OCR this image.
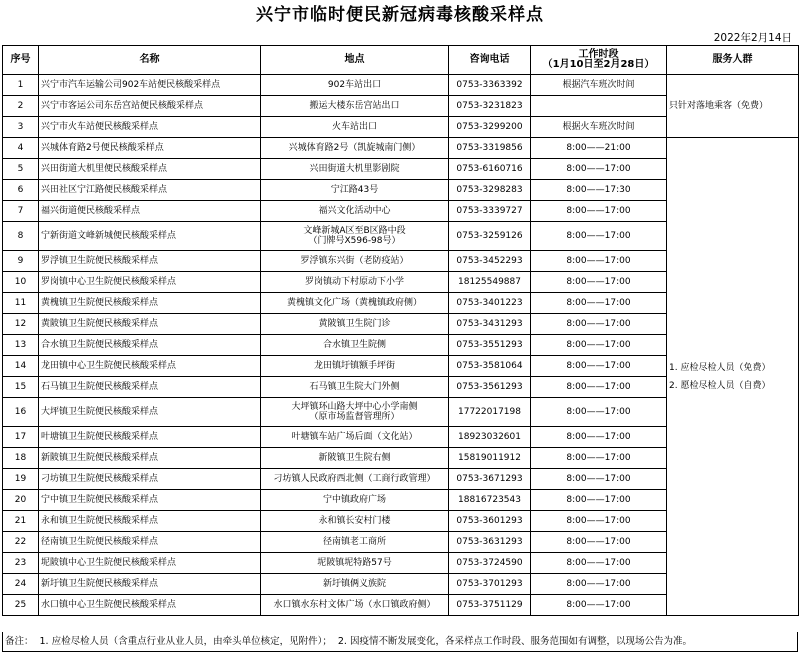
兴宁市临时便民新冠病毒核酸采样点
2022年2月14日
序号	名称	地点	咨询电话	工作时段
（1月10日至2月28日）	服务人群
1	兴宁市汽车运输公司902车站便民核酸采样点	902车站出口	0753-3363392	根据汽车班次时间	只针对落地乘客（免费）
2	兴宁市客运公司东岳宫站便民核酸采样点	搬运大楼东岳宫站出口	0753-3231823		
3	兴宁市火车站便民核酸采样点	火车站出口	0753-3299200	根据火车班次时间	
4	兴城体育路2号便民核酸采样点	兴城体育路2号（凯旋城南门侧）	0753-3319856	8:00——21:00	1. 应检尽检人员（免费）
2. 愿检尽检人员（自费）

5	兴田街道大机里便民核酸采样点	兴田街道大机里影剧院	0753-6160716	8:00——17:00	
6	兴田社区宁江路便民核酸采样点	宁江路43号	0753-3298283	8:00——17:30	
7	福兴街道便民核酸采样点	福兴文化活动中心	0753-3339727	8:00——17:00	
8	宁新街道文峰新城便民核酸采样点	文峰新城A区至B区路中段
（门牌号X596-98号）	0753-3259126	8:00——17:00	
9	罗浮镇卫生院便民核酸采样点	罗浮镇东兴街（老防疫站）	0753-3452293	8:00——17:00	
10	罗岗镇中心卫生院便民核酸采样点	罗岗镇动下村原动下小学	18125549887	8:00——17:00	
11	黄槐镇卫生院便民核酸采样点	黄槐镇文化广场（黄槐镇政府侧）	0753-3401223	8:00——17:00	
12	黄陂镇卫生院便民核酸采样点	黄陂镇卫生院门诊	0753-3431293	8:00——17:00	
13	合水镇卫生院便民核酸采样点	合水镇卫生院侧	0753-3551293	8:00——17:00	
14	龙田镇中心卫生院便民核酸采样点	龙田镇圩镇额手坪街	0753-3581064	8:00——17:00	
15	石马镇卫生院便民核酸采样点	石马镇卫生院大门外侧	0753-3561293	8:00——17:00	
16	大坪镇卫生院便民核酸采样点	大坪镇环山路大坪中心小学南侧
（原市场监督管理所）	17722017198	8:00——17:00	
17	叶塘镇卫生院便民核酸采样点	叶塘镇车站广场后面（文化站）	18923032601	8:00——17:00	
18	新陂镇卫生院便民核酸采样点	新陂镇卫生院右侧	15819011912	8:00——17:00	
19	刁坊镇卫生院便民核酸采样点	刁坊镇人民政府西北侧（工商行政管理）	0753-3671293	8:00——17:00	
20	宁中镇卫生院便民核酸采样点	宁中镇政府广场	18816723543	8:00——17:00	
21	永和镇卫生院便民核酸采样点	永和镇长安村门楼	0753-3601293	8:00——17:00	
22	径南镇卫生院便民核酸采样点	径南镇老工商所	0753-3631293	8:00——17:00	
23	坭陂镇中心卫生院便民核酸采样点	坭陂镇坭特路57号	0753-3724590	8:00——17:00	
24	新圩镇卫生院便民核酸采样点	新圩镇俩义族院	0753-3701293	8:00——17:00	
25	水口镇中心卫生院便民核酸采样点	水口镇水东村文体广场（水口镇政府侧）	0753-3751129	8:00——17:00	
备注： 1. 应检尽检人员（含重点行业从业人员，由牵头单位核定，见附件）； 2. 因疫情不断发展变化，各采样点工作时段、服务范围如有调整，以现场公告为准。
